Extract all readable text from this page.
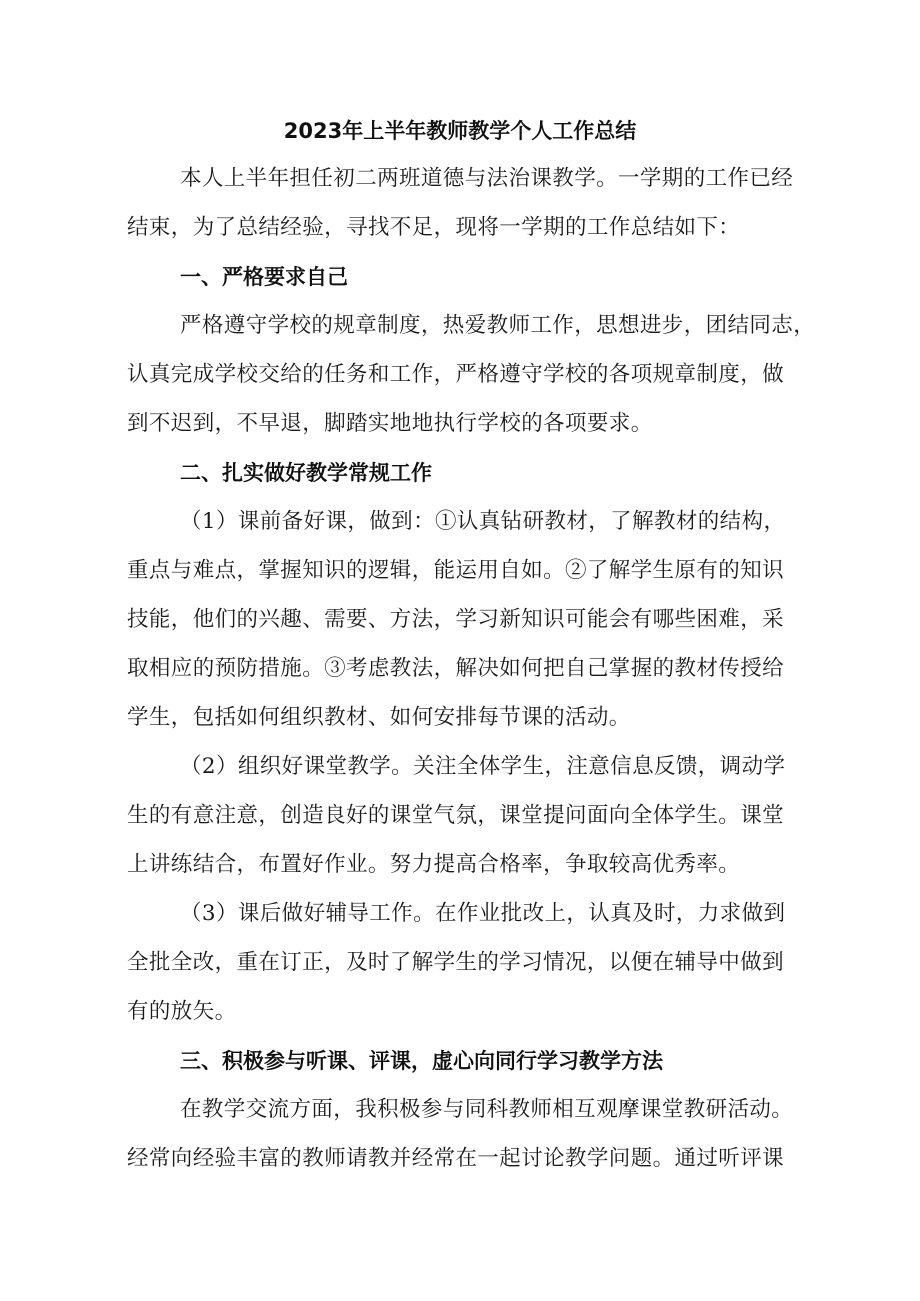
2023年上半年教师教学个人工作总结
本人上半年担任初二两班道德与法治课教学。一学期的工作已经
结束，为了总结经验，寻找不足，现将一学期的工作总结如下：
一、严格要求自己
严格遵守学校的规章制度，热爱教师工作，思想进步，团结同志，
认真完成学校交给的任务和工作，严格遵守学校的各项规章制度，做
到不迟到，不早退，脚踏实地地执行学校的各项要求。
二、扎实做好教学常规工作
（1）课前备好课，做到：①认真钻研教材，了解教材的结构，
重点与难点，掌握知识的逻辑，能运用自如。②了解学生原有的知识
技能，他们的兴趣、需要、方法，学习新知识可能会有哪些困难，采
取相应的预防措施。③考虑教法，解决如何把自己掌握的教材传授给
学生，包括如何组织教材、如何安排每节课的活动。
（2）组织好课堂教学。关注全体学生，注意信息反馈，调动学
生的有意注意，创造良好的课堂气氛，课堂提问面向全体学生。课堂
上讲练结合，布置好作业。努力提高合格率，争取较高优秀率。
（3）课后做好辅导工作。在作业批改上，认真及时，力求做到
全批全改，重在订正，及时了解学生的学习情况，以便在辅导中做到
有的放矢。
三、积极参与听课、评课，虚心向同行学习教学方法
在教学交流方面，我积极参与同科教师相互观摩课堂教研活动。
经常向经验丰富的教师请教并经常在一起讨论教学问题。通过听评课
